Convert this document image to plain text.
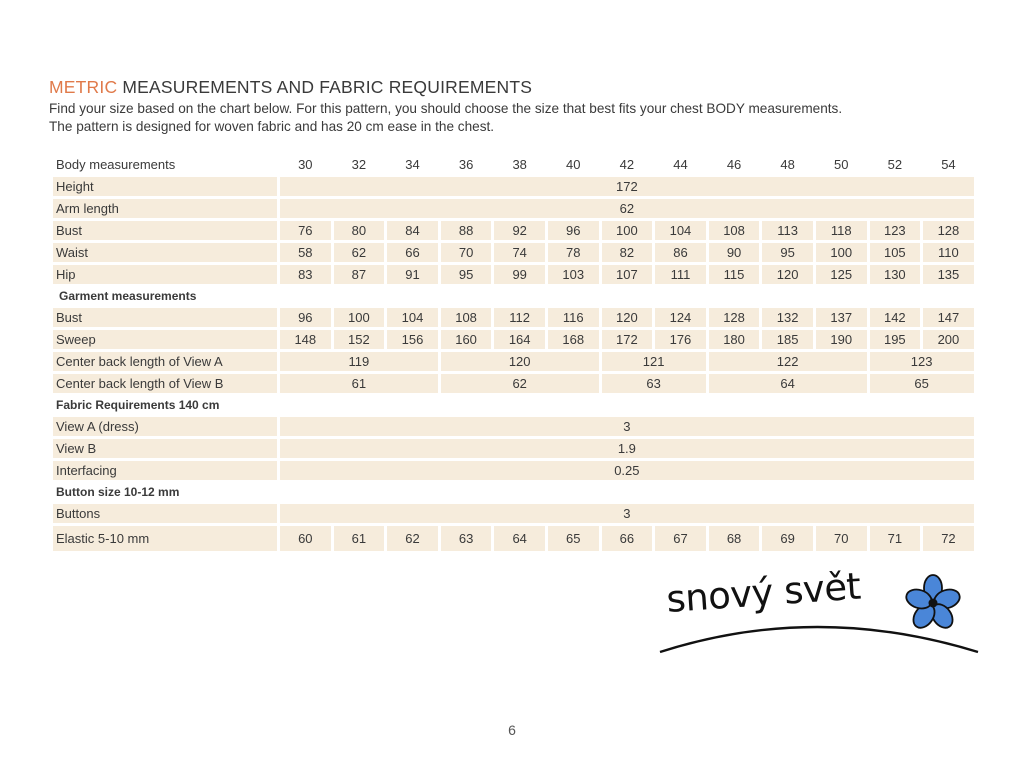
METRIC MEASUREMENTS AND FABRIC REQUIREMENTS
Find your size based on the chart below. For this pattern, you should choose the size that best fits your chest BODY measurements.
The pattern is designed for woven fabric and has 20 cm ease in the chest.
Body measurements	30	32	34	36	38	40	42	44	46	48	50	52	54
Height	172												
Arm length	62												
Bust	76	80	84	88	92	96	100	104	108	113	118	123	128
Waist	58	62	66	70	74	78	82	86	90	95	100	105	110
Hip	83	87	91	95	99	103	107	111	115	120	125	130	135
Garment measurements													
Bust	96	100	104	108	112	116	120	124	128	132	137	142	147
Sweep	148	152	156	160	164	168	172	176	180	185	190	195	200
Center back length of View A	119			120			121		122			123	
Center back length of View B	61			62			63		64			65	
Fabric Requirements 140 cm													
View A (dress)	3												
View B	1.9												
Interfacing	0.25												
Button size 10-12 mm													
Buttons	3												
Elastic 5-10 mm	60	61	62	63	64	65	66	67	68	69	70	71	72
snový svět
6
